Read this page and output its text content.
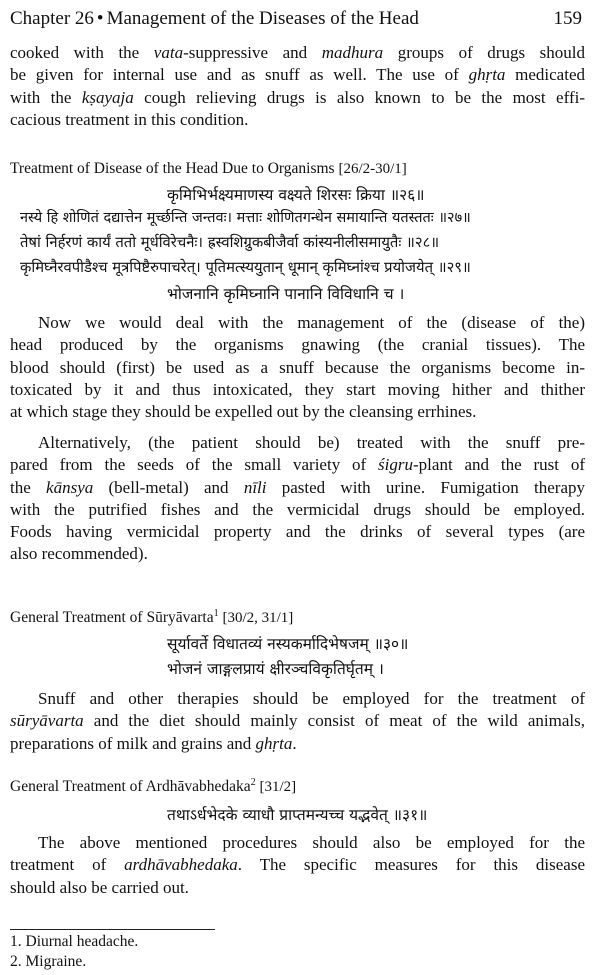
Chapter 26 • Management of the Diseases of the Head	159
cooked with the vata-suppressive and madhura groups of drugs should
be given for internal use and as snuff as well. The use of ghṛta medicated
with the kṣayaja cough relieving drugs is also known to be the most effi-
cacious treatment in this condition.
Treatment of Disease of the Head Due to Organisms [26/2-30/1]
कृमिभिर्भक्ष्यमाणस्य वक्ष्यते शिरसः क्रिया ॥२६॥
नस्ये हि शोणितं दद्यात्तेन मूर्च्छन्ति जन्तवः। मत्ताः शोणितगन्धेन समायान्ति यतस्ततः ॥२७॥
तेषां निर्हरणं कार्यं ततो मूर्धविरेचनैः। ह्रस्वशिग्रुकबीजैर्वा कांस्यनीलीसमायुतैः ॥२८॥
कृमिघ्नैरवपीडैश्च मूत्रपिष्टैरुपाचरेत्। पूतिमत्स्ययुतान् धूमान् कृमिघ्नांश्च प्रयोजयेत् ॥२९॥
भोजनानि कृमिघ्नानि पानानि विविधानि च ।
Now we would deal with the management of the (disease of the)
head produced by the organisms gnawing (the cranial tissues). The
blood should (first) be used as a snuff because the organisms become in-
toxicated by it and thus intoxicated, they start moving hither and thither
at which stage they should be expelled out by the cleansing errhines.
Alternatively, (the patient should be) treated with the snuff pre-
pared from the seeds of the small variety of śigru-plant and the rust of
the kānsya (bell-metal) and nīli pasted with urine. Fumigation therapy
with the putrified fishes and the vermicidal drugs should be employed.
Foods having vermicidal property and the drinks of several types (are
also recommended).
General Treatment of Sūryāvarta$^1$ [30/2, 31/1]
सूर्यावर्ते विधातव्यं नस्यकर्मादिभेषजम् ॥३०॥
भोजनं जाङ्गलप्रायं क्षीरञ्चविकृतिर्घृतम् ।
Snuff and other therapies should be employed for the treatment of
sūryāvarta and the diet should mainly consist of meat of the wild animals,
preparations of milk and grains and ghṛta.
General Treatment of Ardhāvabhedaka$^2$ [31/2]
तथाऽर्धभेदके व्याधौ प्राप्तमन्यच्च यद्भवेत् ॥३१॥
The above mentioned procedures should also be employed for the
treatment of ardhāvabhedaka. The specific measures for this disease
should also be carried out.
1. Diurnal headache.
2. Migraine.
